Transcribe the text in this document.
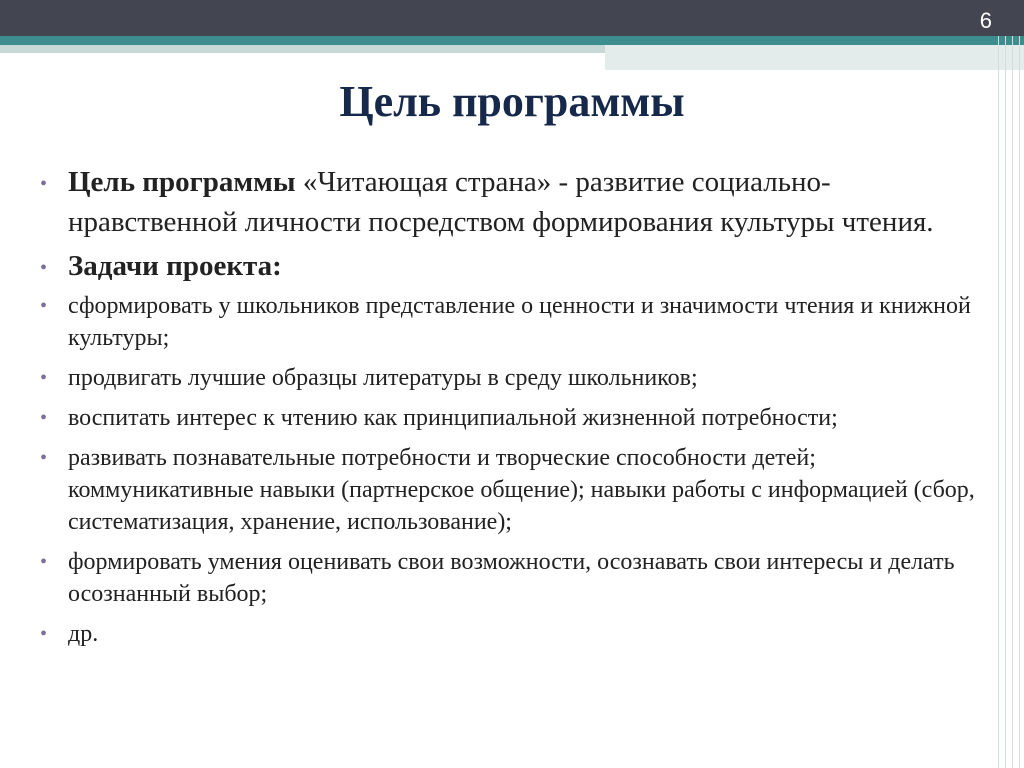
6
Цель программы
• Цель программы «Читающая страна» - развитие социально-нравственной личности посредством формирования культуры чтения.
• Задачи проекта:
• сформировать у школьников представление о ценности и значимости чтения и книжной культуры;
• продвигать лучшие образцы литературы в среду школьников;
• воспитать интерес к чтению как принципиальной жизненной потребности;
• развивать познавательные потребности и творческие способности детей; коммуникативные навыки (партнерское общение); навыки работы с информацией (сбор, систематизация, хранение, использование);
• формировать умения оценивать свои возможности, осознавать свои интересы и делать осознанный выбор;
• др.
